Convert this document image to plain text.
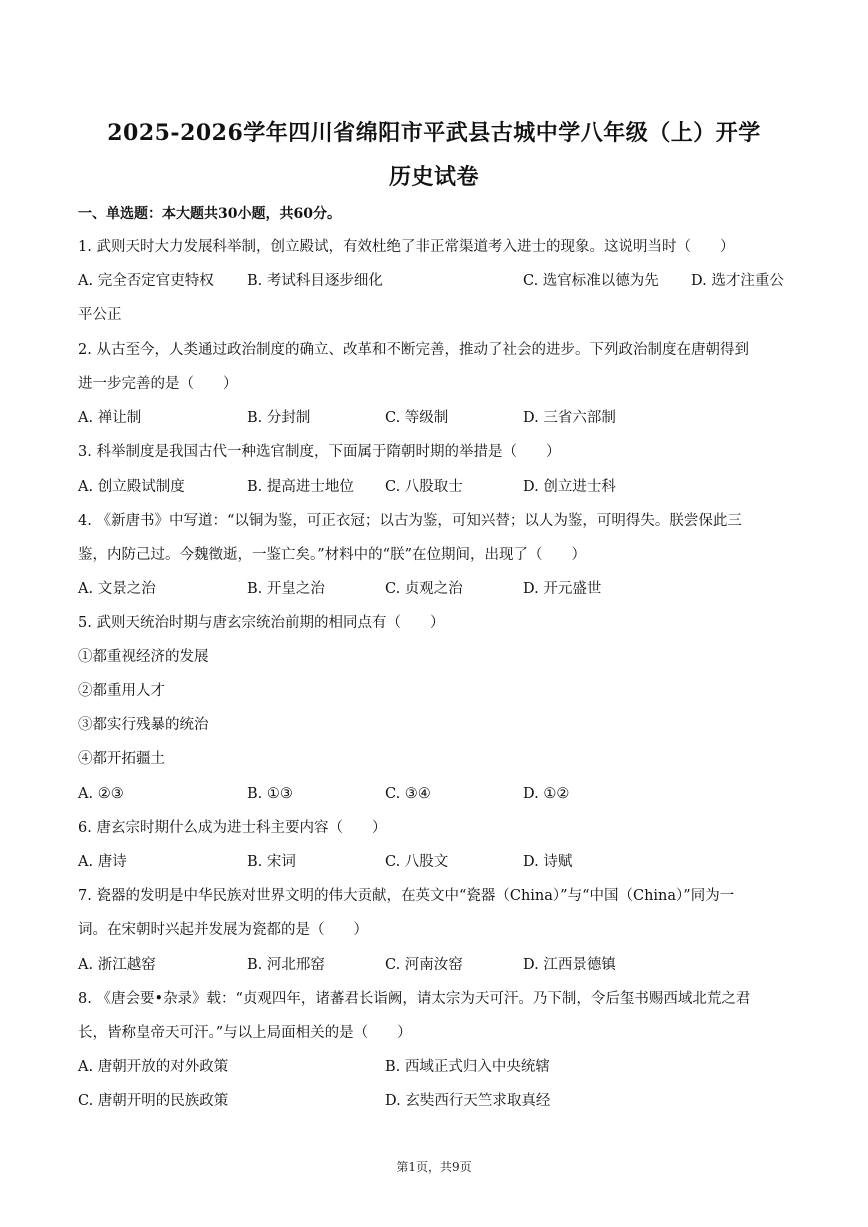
2025-2026学年四川省绵阳市平武县古城中学八年级（上）开学
历史试卷
一、单选题：本大题共30小题，共60分。
1. 武则天时大力发展科举制，创立殿试，有效杜绝了非正常渠道考入进士的现象。这说明当时（　　）
A. 完全否定官吏特权 B. 考试科目逐步细化	C. 选官标准以德为先 D. 选才注重公
平公正
2. 从古至今，人类通过政治制度的确立、改革和不断完善，推动了社会的进步。下列政治制度在唐朝得到
进一步完善的是（　　）
A. 禅让制	B. 分封制	C. 等级制	D. 三省六部制
3. 科举制度是我国古代一种选官制度，下面属于隋朝时期的举措是（　　）
A. 创立殿试制度	B. 提高进士地位 C. 八股取士	D. 创立进士科
4. 《新唐书》中写道：“以铜为鉴，可正衣冠；以古为鉴，可知兴替；以人为鉴，可明得失。朕尝保此三
鉴，内防己过。今魏徵逝，一鉴亡矣。”材料中的“朕”在位期间，出现了（　　）
A. 文景之治	B. 开皇之治	C. 贞观之治	D. 开元盛世
5. 武则天统治时期与唐玄宗统治前期的相同点有（　　）
①都重视经济的发展
②都重用人才
③都实行残暴的统治
④都开拓疆土
A. ②③	B. ①③	C. ③④	D. ①②
6. 唐玄宗时期什么成为进士科主要内容（　　）
A. 唐诗	B. 宋词	C. 八股文	D. 诗赋
7. 瓷器的发明是中华民族对世界文明的伟大贡献，在英文中“瓷器（China）”与“中国（China）”同为一
词。在宋朝时兴起并发展为瓷都的是（　　）
A. 浙江越窑	B. 河北邢窑	C. 河南汝窑	D. 江西景德镇
8. 《唐会要•杂录》载：“贞观四年，诸蕃君长诣阙，请太宗为天可汗。乃下制，令后玺书赐西域北荒之君
长，皆称皇帝天可汗。”与以上局面相关的是（　　）
A. 唐朝开放的对外政策	B. 西域正式归入中央统辖
C. 唐朝开明的民族政策	D. 玄奘西行天竺求取真经
第1页，共9页
